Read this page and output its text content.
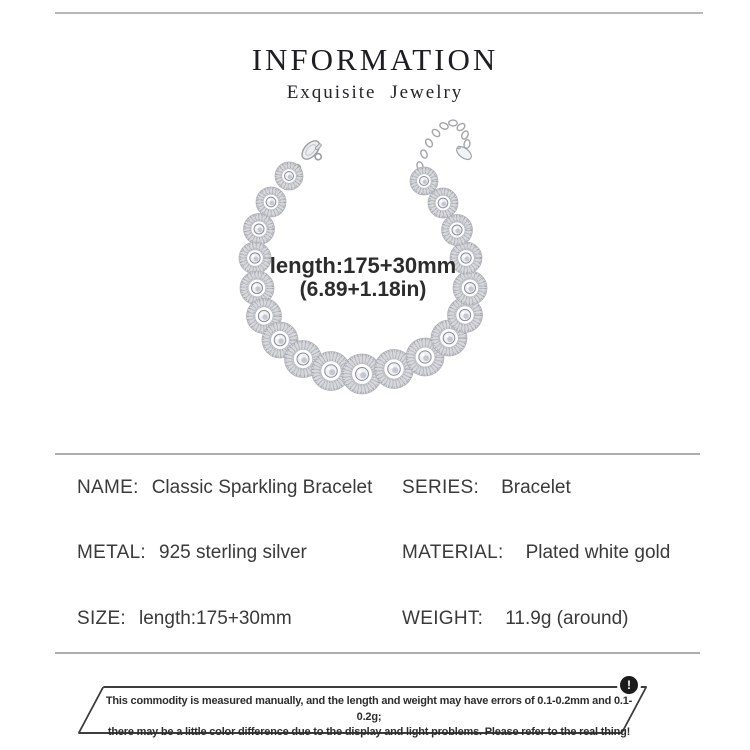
INFORMATION
Exquisite Jewelry
length:175+30mm
(6.89+1.18in)
NAME: Classic Sparkling Bracelet SERIES: Bracelet
METAL: 925 sterling silver	MATERIAL: Plated white gold
SIZE: length:175+30mm	WEIGHT: 11.9g (around)
!
This commodity is measured manually, and the length and weight may have errors of 0.1-0.2mm and 0.1-0.2g;
there may be a little color difference due to the display and light problems. Please refer to the real thing!
